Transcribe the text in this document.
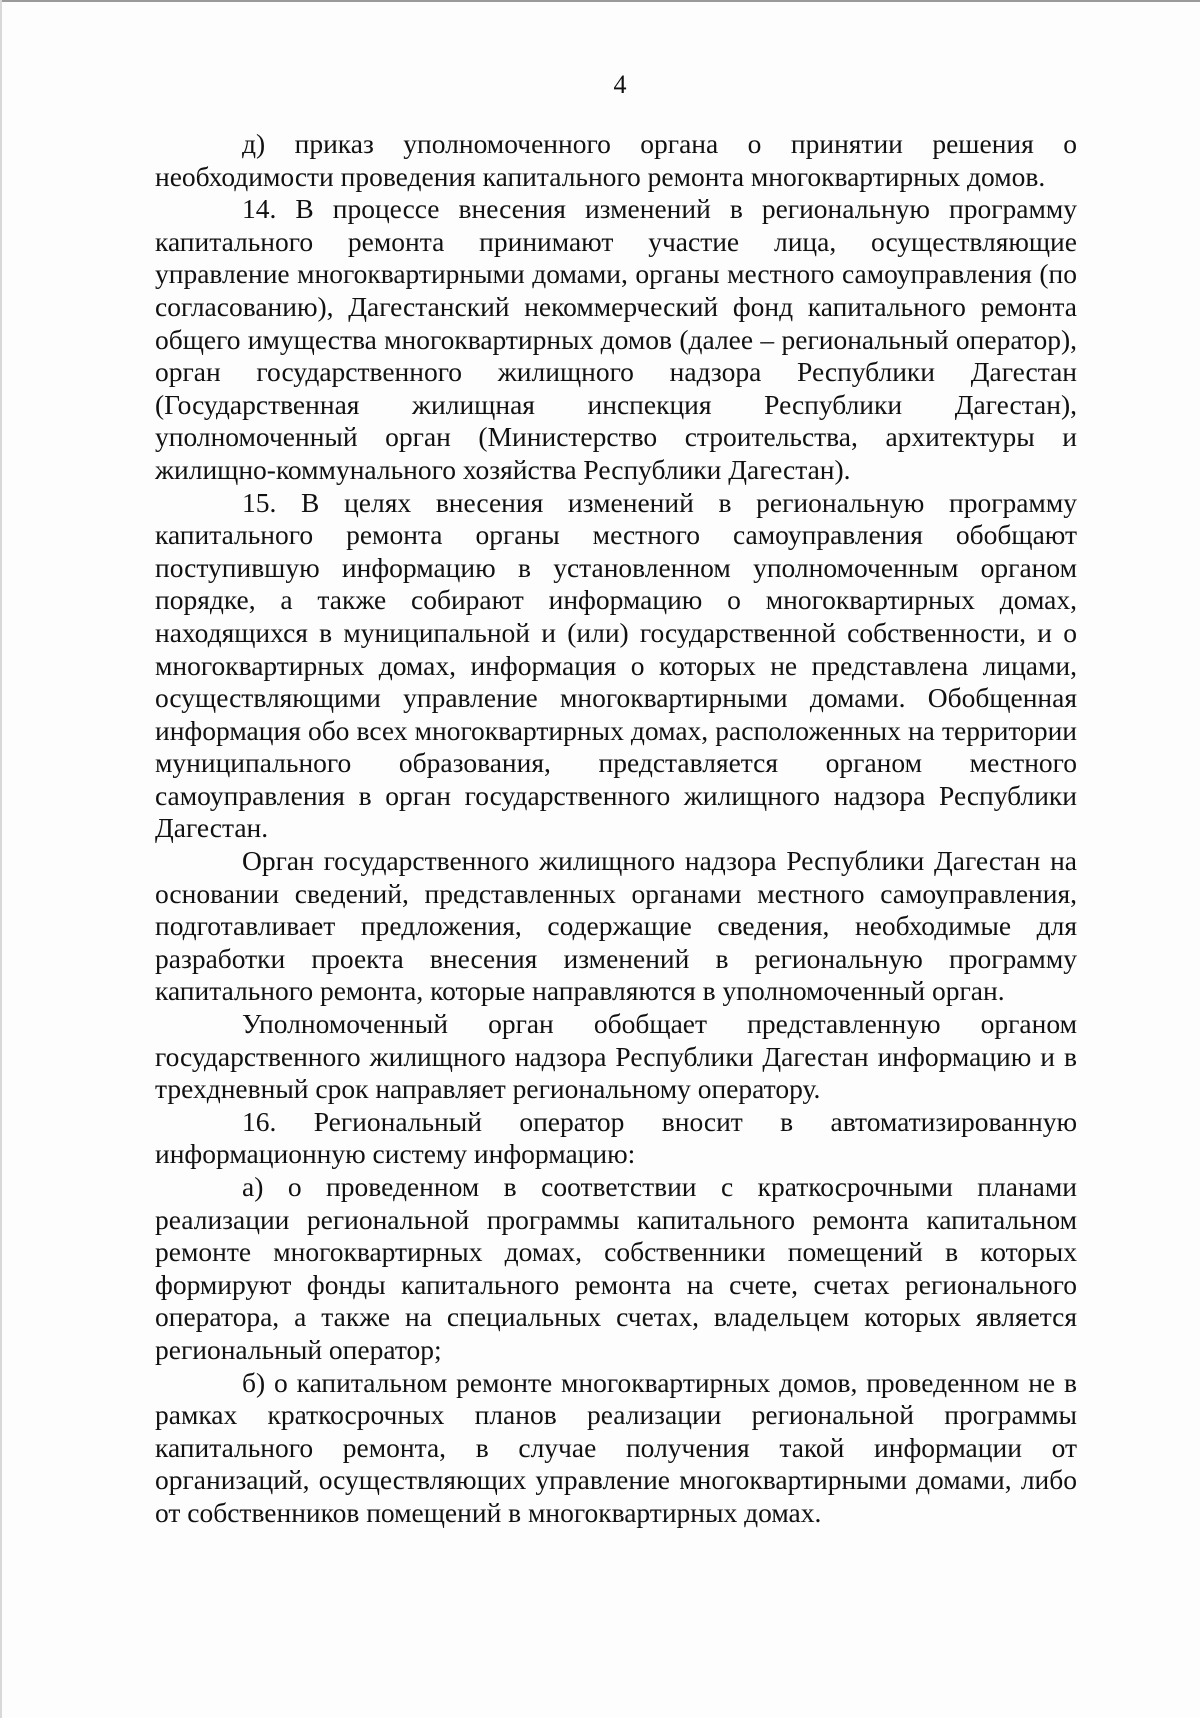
4

д) приказ уполномоченного органа о принятии решения о необходимости проведения капитального ремонта многоквартирных домов.

14. В процессе внесения изменений в региональную программу капитального ремонта принимают участие лица, осуществляющие управление многоквартирными домами, органы местного самоуправления (по согласованию), Дагестанский некоммерческий фонд капитального ремонта общего имущества многоквартирных домов (далее – региональный оператор), орган государственного жилищного надзора Республики Дагестан (Государственная жилищная инспекция Республики Дагестан), уполномоченный орган (Министерство строительства, архитектуры и жилищно-коммунального хозяйства Республики Дагестан).

15. В целях внесения изменений в региональную программу капитального ремонта органы местного самоуправления обобщают поступившую информацию в установленном уполномоченным органом порядке, а также собирают информацию о многоквартирных домах, находящихся в муниципальной и (или) государственной собственности, и о многоквартирных домах, информация о которых не представлена лицами, осуществляющими управление многоквартирными домами. Обобщенная информация обо всех многоквартирных домах, расположенных на территории муниципального образования, представляется органом местного самоуправления в орган государственного жилищного надзора Республики Дагестан.

Орган государственного жилищного надзора Республики Дагестан на основании сведений, представленных органами местного самоуправления, подготавливает предложения, содержащие сведения, необходимые для разработки проекта внесения изменений в региональную программу капитального ремонта, которые направляются в уполномоченный орган.

Уполномоченный орган обобщает представленную органом государственного жилищного надзора Республики Дагестан информацию и в трехдневный срок направляет региональному оператору.

16. Региональный оператор вносит в автоматизированную информационную систему информацию:

а) о проведенном в соответствии с краткосрочными планами реализации региональной программы капитального ремонта капитальном ремонте многоквартирных домах, собственники помещений в которых формируют фонды капитального ремонта на счете, счетах регионального оператора, а также на специальных счетах, владельцем которых является региональный оператор;

б) о капитальном ремонте многоквартирных домов, проведенном не в рамках краткосрочных планов реализации региональной программы капитального ремонта, в случае получения такой информации от организаций, осуществляющих управление многоквартирными домами, либо от собственников помещений в многоквартирных домах.
